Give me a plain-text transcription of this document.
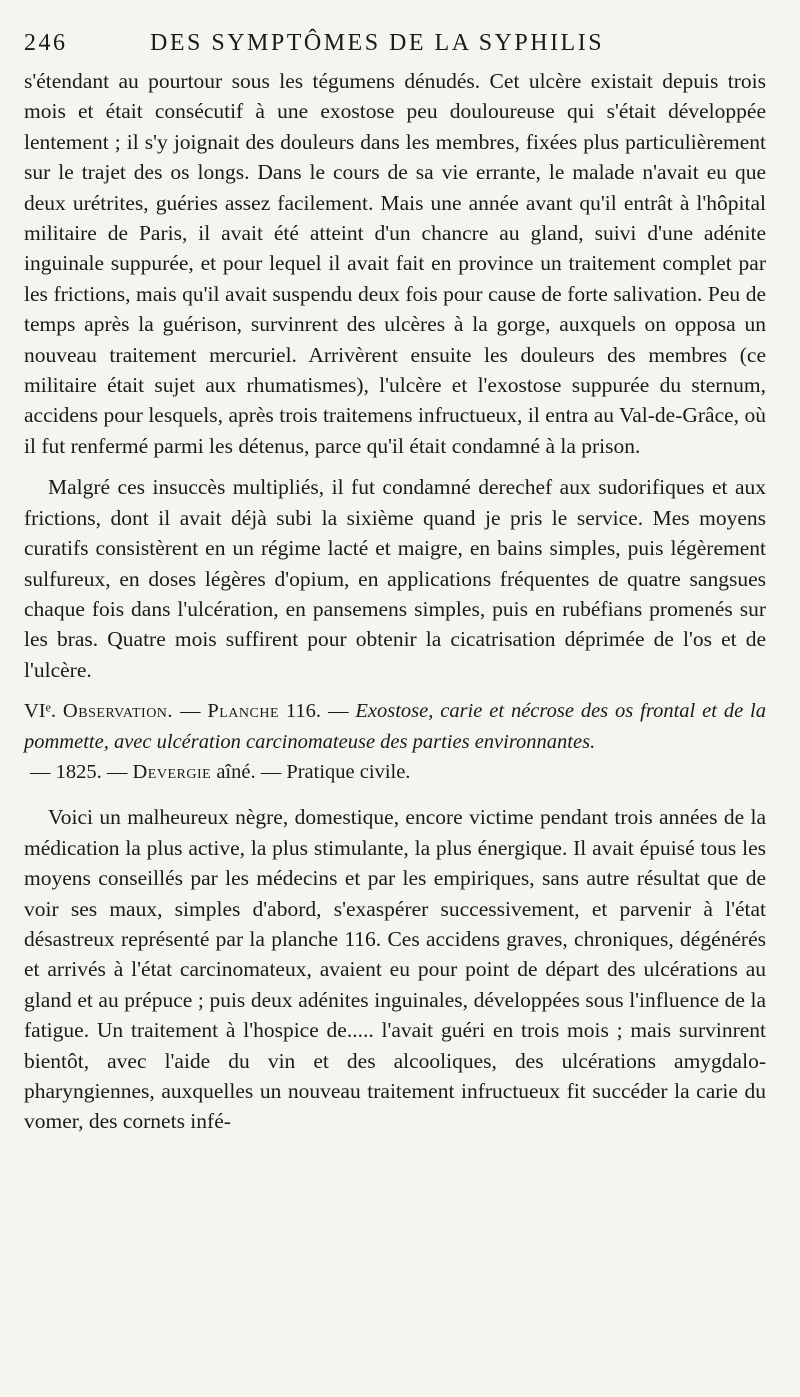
246	DES SYMPTÔMES DE LA SYPHILIS

s'étendant au pourtour sous les tégumens dénudés. Cet ulcère existait depuis trois mois et était consécutif à une exostose peu douloureuse qui s'était développée lentement ; il s'y joignait des douleurs dans les membres, fixées plus particulièrement sur le trajet des os longs. Dans le cours de sa vie errante, le malade n'avait eu que deux urétrites, guéries assez facilement. Mais une année avant qu'il entrât à l'hôpital militaire de Paris, il avait été atteint d'un chancre au gland, suivi d'une adénite inguinale suppurée, et pour lequel il avait fait en province un traitement complet par les frictions, mais qu'il avait suspendu deux fois pour cause de forte salivation. Peu de temps après la guérison, survinrent des ulcères à la gorge, auxquels on opposa un nouveau traitement mercuriel. Arrivèrent ensuite les douleurs des membres (ce militaire était sujet aux rhumatismes), l'ulcère et l'exostose suppurée du sternum, accidens pour lesquels, après trois traitemens infructueux, il entra au Val-de-Grâce, où il fut renfermé parmi les détenus, parce qu'il était condamné à la prison.

Malgré ces insuccès multipliés, il fut condamné derechef aux sudorifiques et aux frictions, dont il avait déjà subi la sixième quand je pris le service. Mes moyens curatifs consistèrent en un régime lacté et maigre, en bains simples, puis légèrement sulfureux, en doses légères d'opium, en applications fréquentes de quatre sangsues chaque fois dans l'ulcération, en pansemens simples, puis en rubéfians promenés sur les bras. Quatre mois suffirent pour obtenir la cicatrisation déprimée de l'os et de l'ulcère.

VIᵉ. Observation. — Planche 116. — Exostose, carie et nécrose des os frontal et de la pommette, avec ulcération carcinomateuse des parties environnantes.

— 1825. — Devergie aîné. — Pratique civile.

Voici un malheureux nègre, domestique, encore victime pendant trois années de la médication la plus active, la plus stimulante, la plus énergique. Il avait épuisé tous les moyens conseillés par les médecins et par les empiriques, sans autre résultat que de voir ses maux, simples d'abord, s'exaspérer successivement, et parvenir à l'état désastreux représenté par la planche 116. Ces accidens graves, chroniques, dégénérés et arrivés à l'état carcinomateux, avaient eu pour point de départ des ulcérations au gland et au prépuce ; puis deux adénites inguinales, développées sous l'influence de la fatigue. Un traitement à l'hospice de..... l'avait guéri en trois mois ; mais survinrent bientôt, avec l'aide du vin et des alcooliques, des ulcérations amygdalo-pharyngiennes, auxquelles un nouveau traitement infructueux fit succéder la carie du vomer, des cornets infé-
